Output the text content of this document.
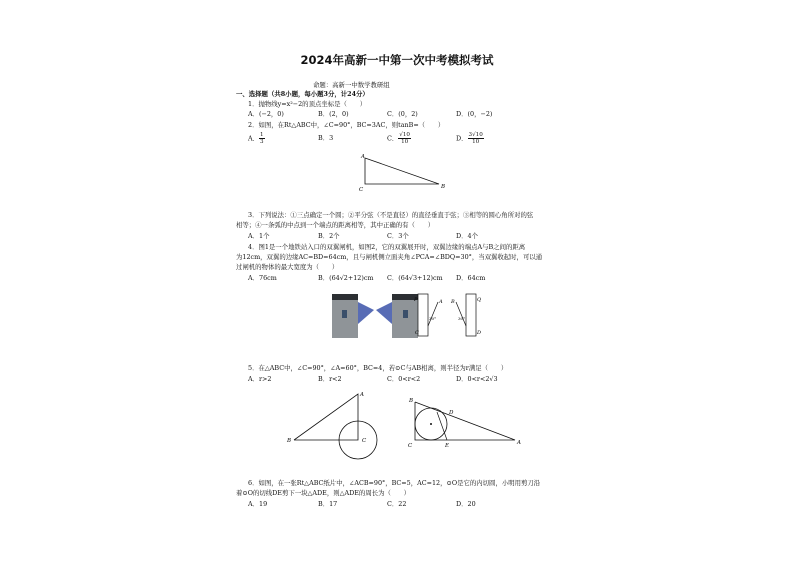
2024年高新一中第一次中考模拟考试
命题：高新一中数学教研组
一、选择题（共8小题，每小题3分，计24分）
1．抛物线y=x²−2的顶点坐标是（　　）
A．(−2，0)	B．(2，0)	C．(0，2)	D．(0，−2)
2．如图，在Rt△ABC中，∠C=90°，BC=3AC，则tanB=（　　）
A． $\frac{1}{3}$	B．3	C． $\frac{√10}{10}$	D． $\frac{3√10}{10}$
A
C	B
3．下列说法：①三点确定一个圆；②平分弦（不是直径）的直径垂直于弦；③相等的圆心角所对的弦
相等；④一条弧的中点到一个端点的距离相等，其中正确的有（　　）
A．1个	B．2个	C．3个	D．4个
4．图1是一个地铁站入口的双翼闸机，如图2，它的双翼展开时，双翼边缘的端点A与B之间的距离
为12cm，双翼的边缘AC=BD=64cm，且与闸机侧立面夹角∠PCA=∠BDQ=30°，当双翼收起时，可以通
过闸机的物体的最大宽度为（　　）
A．76cm	B．(64√2+12)cm C．(64√3+12)cm D．64cm
P	A
C
B	Q
D
30°	30°
5．在△ABC中，∠C=90°，∠A=60°，BC=4，若⊙C与AB相离，则半径为r满足（　　）
A．r>2	B．r<2	C．0<r<2	D．0<r<2√3
A
B	C
B
C
D
E	A
6．如图，在一张Rt△ABC纸片中，∠ACB=90°，BC=5，AC=12，⊙O是它的内切圆，小明用剪刀沿
着⊙O的切线DE剪下一块△ADE，则△ADE的周长为（　　）
A．19	B．17	C．22	D．20
